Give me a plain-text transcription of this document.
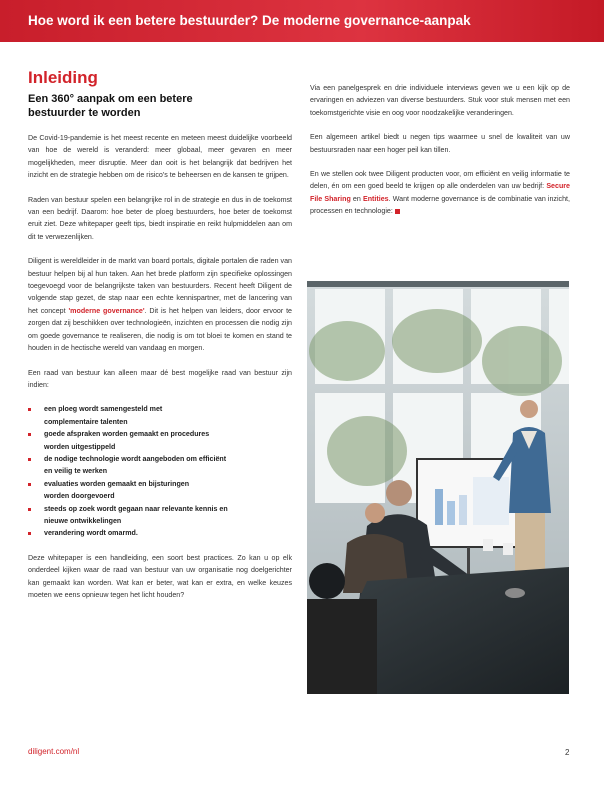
Hoe word ik een betere bestuurder? De moderne governance-aanpak
Inleiding
Een 360° aanpak om een betere
bestuurder te worden

De Covid-19-pandemie is het meest recente en meteen meest duidelijke voorbeeld van hoe de wereld is veranderd: meer globaal, meer gevaren en meer mogelijkheden, meer disruptie. Meer dan ooit is het belangrijk dat bedrijven het inzicht en de strategie hebben om de risico's te beheersen en de kansen te grijpen.

Raden van bestuur spelen een belangrijke rol in de strategie en dus in de toekomst van een bedrijf. Daarom: hoe beter de ploeg bestuurders, hoe beter de toekomst eruit ziet. Deze whitepaper geeft tips, biedt inspiratie en reikt hulpmiddelen aan om dit te verwezenlijken.

Diligent is wereldleider in de markt van board portals, digitale portalen die raden van bestuur helpen bij al hun taken. Aan het brede platform zijn specifieke oplossingen toegevoegd voor de belangrijkste taken van bestuurders. Recent heeft Diligent de volgende stap gezet, de stap naar een echte kennispartner, met de lancering van het concept 'moderne governance'. Dit is het helpen van leiders, door ervoor te zorgen dat zij beschikken over technologieën, inzichten en processen die nodig zijn om goede governance te realiseren, die nodig is om tot bloei te komen en stand te houden in de hectische wereld van vandaag en morgen.

Een raad van bestuur kan alleen maar dé best mogelijke raad van bestuur zijn indien:

een ploeg wordt samengesteld met
complementaire talenten
goede afspraken worden gemaakt en procedures
worden uitgestippeld
de nodige technologie wordt aangeboden om efficiënt
en veilig te werken
evaluaties worden gemaakt en bijsturingen
worden doorgevoerd
steeds op zoek wordt gegaan naar relevante kennis en
nieuwe ontwikkelingen
verandering wordt omarmd.

Deze whitepaper is een handleiding, een soort best practices. Zo kan u op elk onderdeel kijken waar de raad van bestuur van uw organisatie nog doelgerichter kan gemaakt kan worden. Wat kan er beter, wat kan er extra, en welke keuzes moeten we eens opnieuw tegen het licht houden?

Via een panelgesprek en drie individuele interviews geven we u een kijk op de ervaringen en adviezen van diverse bestuurders. Stuk voor stuk mensen met een toekomstgerichte visie en oog voor noodzakelijke veranderingen.

Een algemeen artikel biedt u negen tips waarmee u snel de kwaliteit van uw bestuursraden naar een hoger peil kan tillen.

En we stellen ook twee Diligent producten voor, om efficiënt en veilig informatie te delen, én om een goed beeld te krijgen op alle onderdelen van uw bedrijf: Secure File Sharing en Entities. Want moderne governance is de combinatie van inzicht, processen en technologie:

diligent.com/nl	2
